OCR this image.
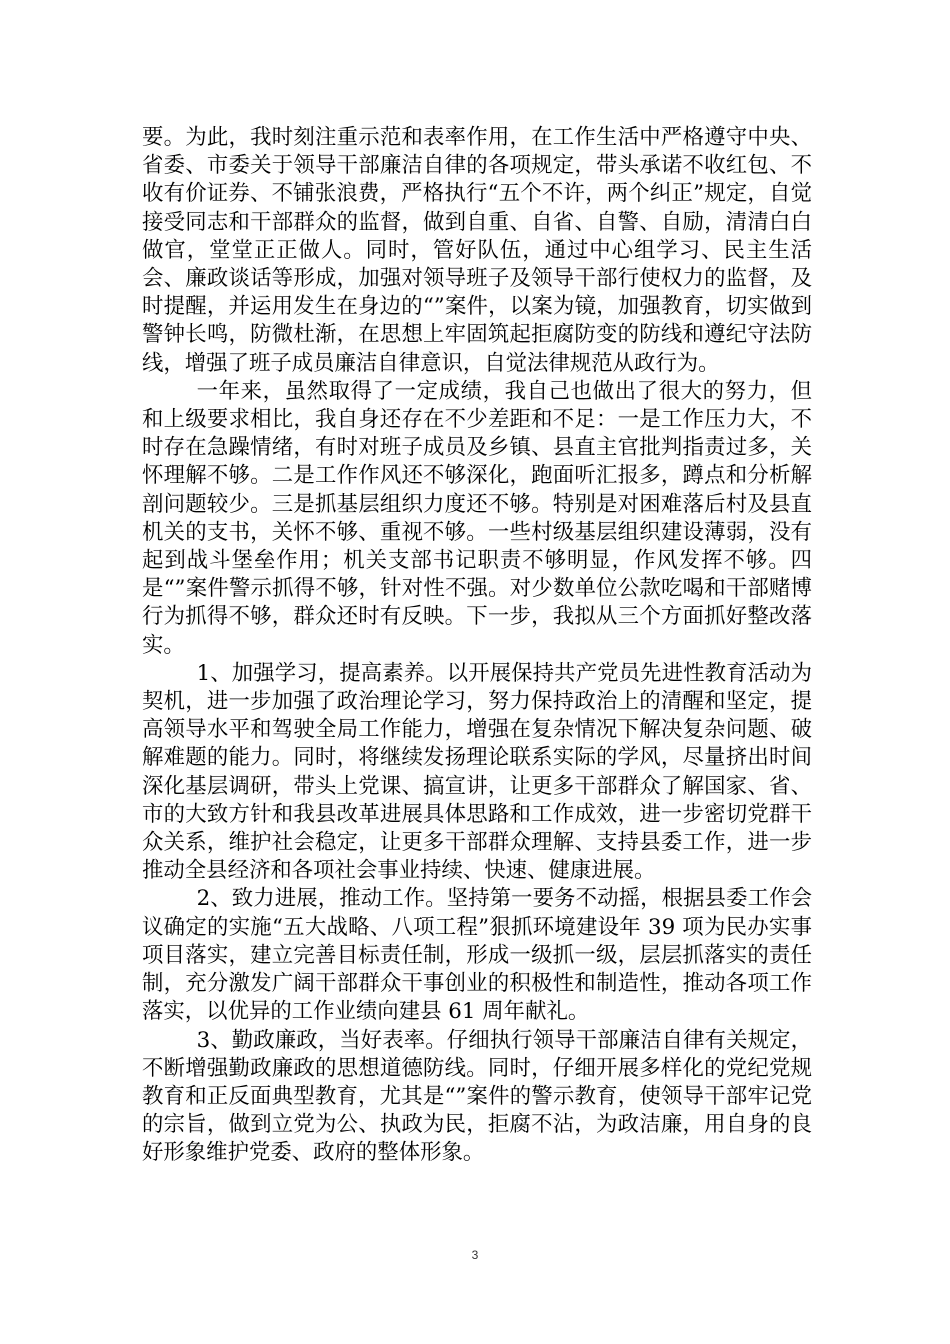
要。为此，我时刻注重示范和表率作用，在工作生活中严格遵守中央、省委、市委关于领导干部廉洁自律的各项规定，带头承诺不收红包、不收有价证券、不铺张浪费，严格执行“五个不许，两个纠正”规定，自觉接受同志和干部群众的监督，做到自重、自省、自警、自励，清清白白做官，堂堂正正做人。同时，管好队伍，通过中心组学习、民主生活会、廉政谈话等形成，加强对领导班子及领导干部行使权力的监督，及时提醒，并运用发生在身边的“”案件，以案为镜，加强教育，切实做到警钟长鸣，防微杜渐，在思想上牢固筑起拒腐防变的防线和遵纪守法防线，增强了班子成员廉洁自律意识，自觉法律规范从政行为。

一年来，虽然取得了一定成绩，我自己也做出了很大的努力，但和上级要求相比，我自身还存在不少差距和不足：一是工作压力大，不时存在急躁情绪，有时对班子成员及乡镇、县直主官批判指责过多，关怀理解不够。二是工作作风还不够深化，跑面听汇报多，蹲点和分析解剖问题较少。三是抓基层组织力度还不够。特别是对困难落后村及县直机关的支书，关怀不够、重视不够。一些村级基层组织建设薄弱，没有起到战斗堡垒作用；机关支部书记职责不够明显，作风发挥不够。四是“”案件警示抓得不够，针对性不强。对少数单位公款吃喝和干部赌博行为抓得不够，群众还时有反映。下一步，我拟从三个方面抓好整改落实。

1、加强学习，提高素养。以开展保持共产党员先进性教育活动为契机，进一步加强了政治理论学习，努力保持政治上的清醒和坚定，提高领导水平和驾驶全局工作能力，增强在复杂情况下解决复杂问题、破解难题的能力。同时，将继续发扬理论联系实际的学风，尽量挤出时间深化基层调研，带头上党课、搞宣讲，让更多干部群众了解国家、省、市的大致方针和我县改革进展具体思路和工作成效，进一步密切党群干众关系，维护社会稳定，让更多干部群众理解、支持县委工作，进一步推动全县经济和各项社会事业持续、快速、健康进展。

2、致力进展，推动工作。坚持第一要务不动摇，根据县委工作会议确定的实施“五大战略、八项工程”狠抓环境建设年 39 项为民办实事项目落实，建立完善目标责任制，形成一级抓一级，层层抓落实的责任制，充分激发广阔干部群众干事创业的积极性和制造性，推动各项工作落实，以优异的工作业绩向建县 61 周年献礼。

3、勤政廉政，当好表率。仔细执行领导干部廉洁自律有关规定，不断增强勤政廉政的思想道德防线。同时，仔细开展多样化的党纪党规教育和正反面典型教育，尤其是“”案件的警示教育，使领导干部牢记党的宗旨，做到立党为公、执政为民，拒腐不沾，为政洁廉，用自身的良好形象维护党委、政府的整体形象。

3
